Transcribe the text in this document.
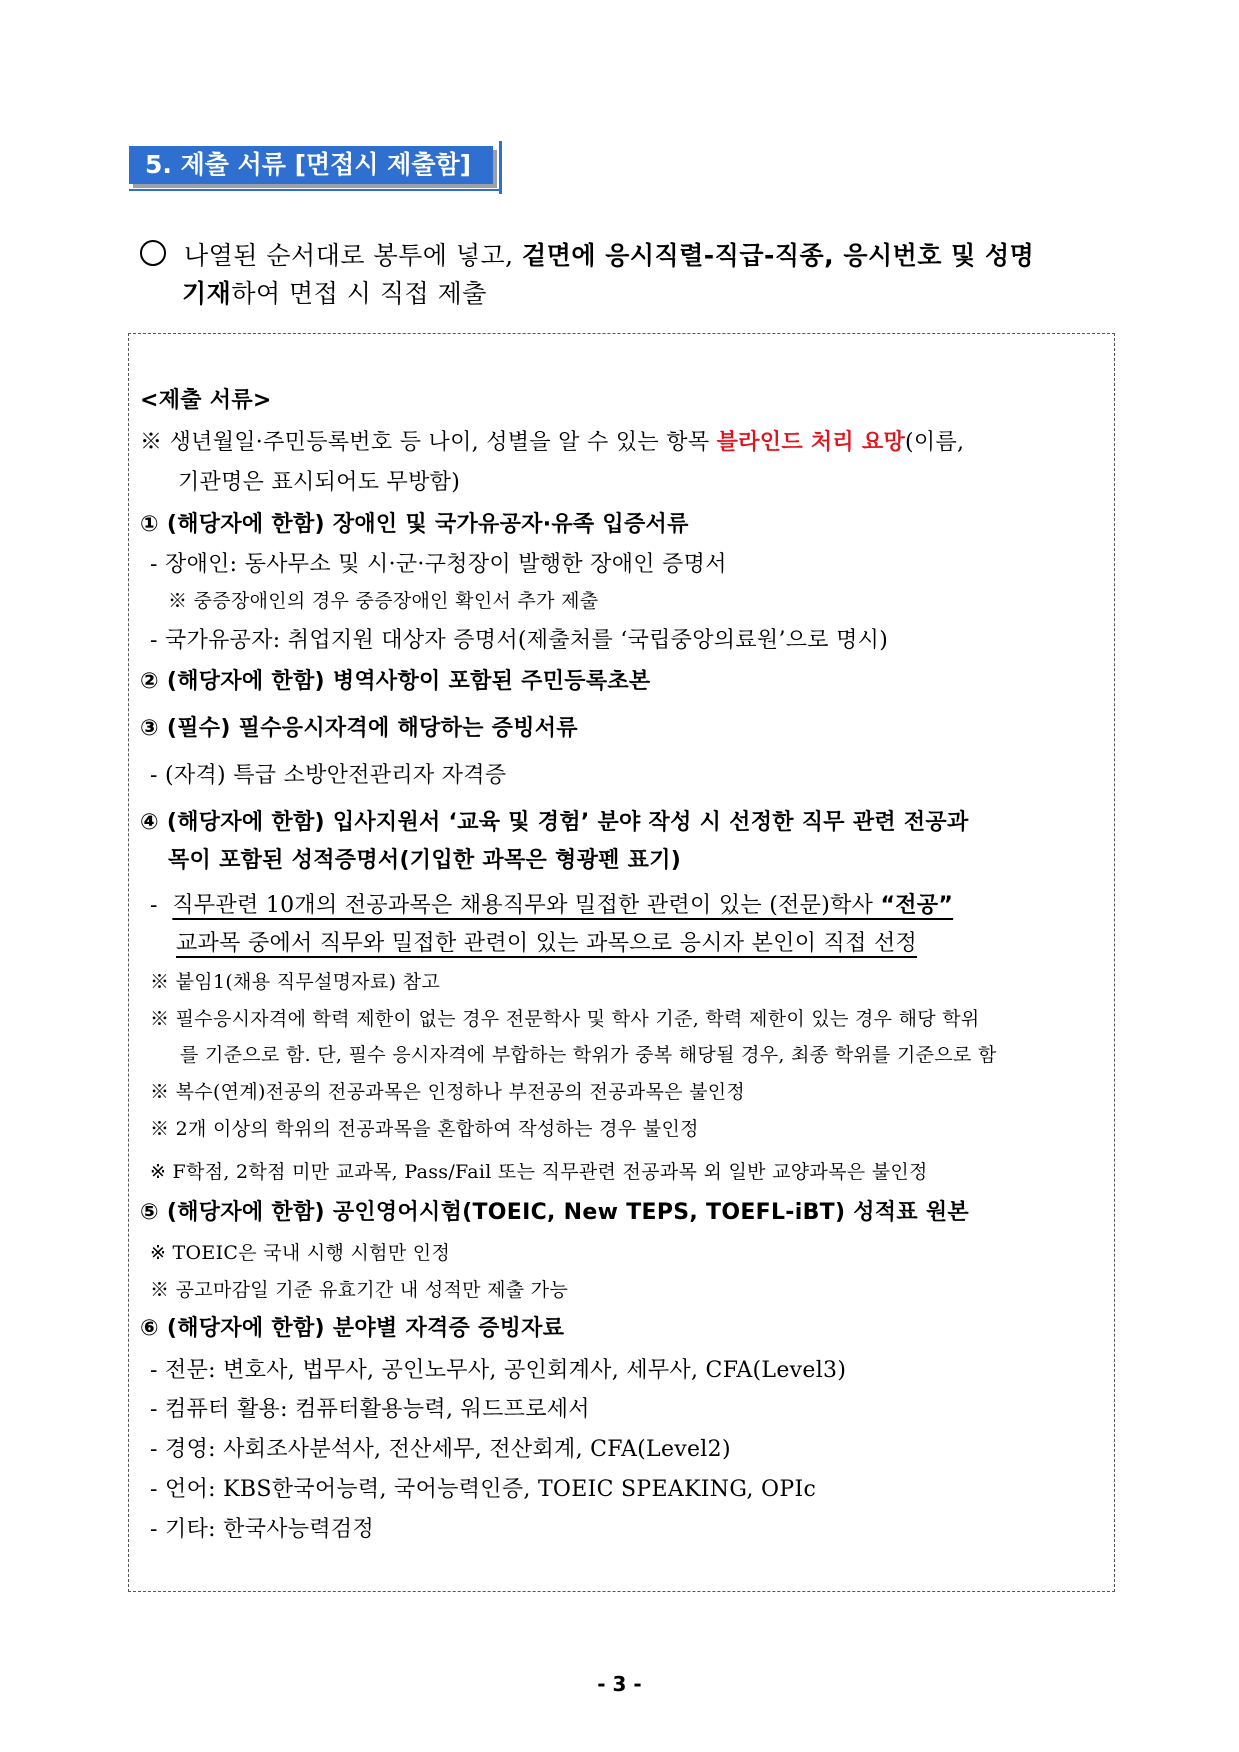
5. 제출 서류 [면접시 제출함]
나열된 순서대로 봉투에 넣고, 겉면에 응시직렬-직급-직종, 응시번호 및 성명
기재하여 면접 시 직접 제출
<제출 서류>
※ 생년월일·주민등록번호 등 나이, 성별을 알 수 있는 항목 블라인드 처리 요망(이름,
기관명은 표시되어도 무방함)
① (해당자에 한함) 장애인 및 국가유공자·유족 입증서류
- 장애인: 동사무소 및 시·군·구청장이 발행한 장애인 증명서
※ 중증장애인의 경우 중증장애인 확인서 추가 제출
- 국가유공자: 취업지원 대상자 증명서(제출처를 ‘국립중앙의료원’으로 명시)
② (해당자에 한함) 병역사항이 포함된 주민등록초본
③ (필수) 필수응시자격에 해당하는 증빙서류
- (자격) 특급 소방안전관리자 자격증
④ (해당자에 한함) 입사지원서 ‘교육 및 경험’ 분야 작성 시 선정한 직무 관련 전공과
목이 포함된 성적증명서(기입한 과목은 형광펜 표기)
-  직무관련 10개의 전공과목은 채용직무와 밀접한 관련이 있는 (전문)학사 “전공”
교과목 중에서 직무와 밀접한 관련이 있는 과목으로 응시자 본인이 직접 선정
※ 붙임1(채용 직무설명자료) 참고
※ 필수응시자격에 학력 제한이 없는 경우 전문학사 및 학사 기준, 학력 제한이 있는 경우 해당 학위
를 기준으로 함. 단, 필수 응시자격에 부합하는 학위가 중복 해당될 경우, 최종 학위를 기준으로 함
※ 복수(연계)전공의 전공과목은 인정하나 부전공의 전공과목은 불인정
※ 2개 이상의 학위의 전공과목을 혼합하여 작성하는 경우 불인정
※ F학점, 2학점 미만 교과목, Pass/Fail 또는 직무관련 전공과목 외 일반 교양과목은 불인정
⑤ (해당자에 한함) 공인영어시험(TOEIC, New TEPS, TOEFL-iBT) 성적표 원본
※ TOEIC은 국내 시행 시험만 인정
※ 공고마감일 기준 유효기간 내 성적만 제출 가능
⑥ (해당자에 한함) 분야별 자격증 증빙자료
- 전문: 변호사, 법무사, 공인노무사, 공인회계사, 세무사, CFA(Level3)
- 컴퓨터 활용: 컴퓨터활용능력, 워드프로세서
- 경영: 사회조사분석사, 전산세무, 전산회계, CFA(Level2)
- 언어: KBS한국어능력, 국어능력인증, TOEIC SPEAKING, OPIc
- 기타: 한국사능력검정
- 3 -
